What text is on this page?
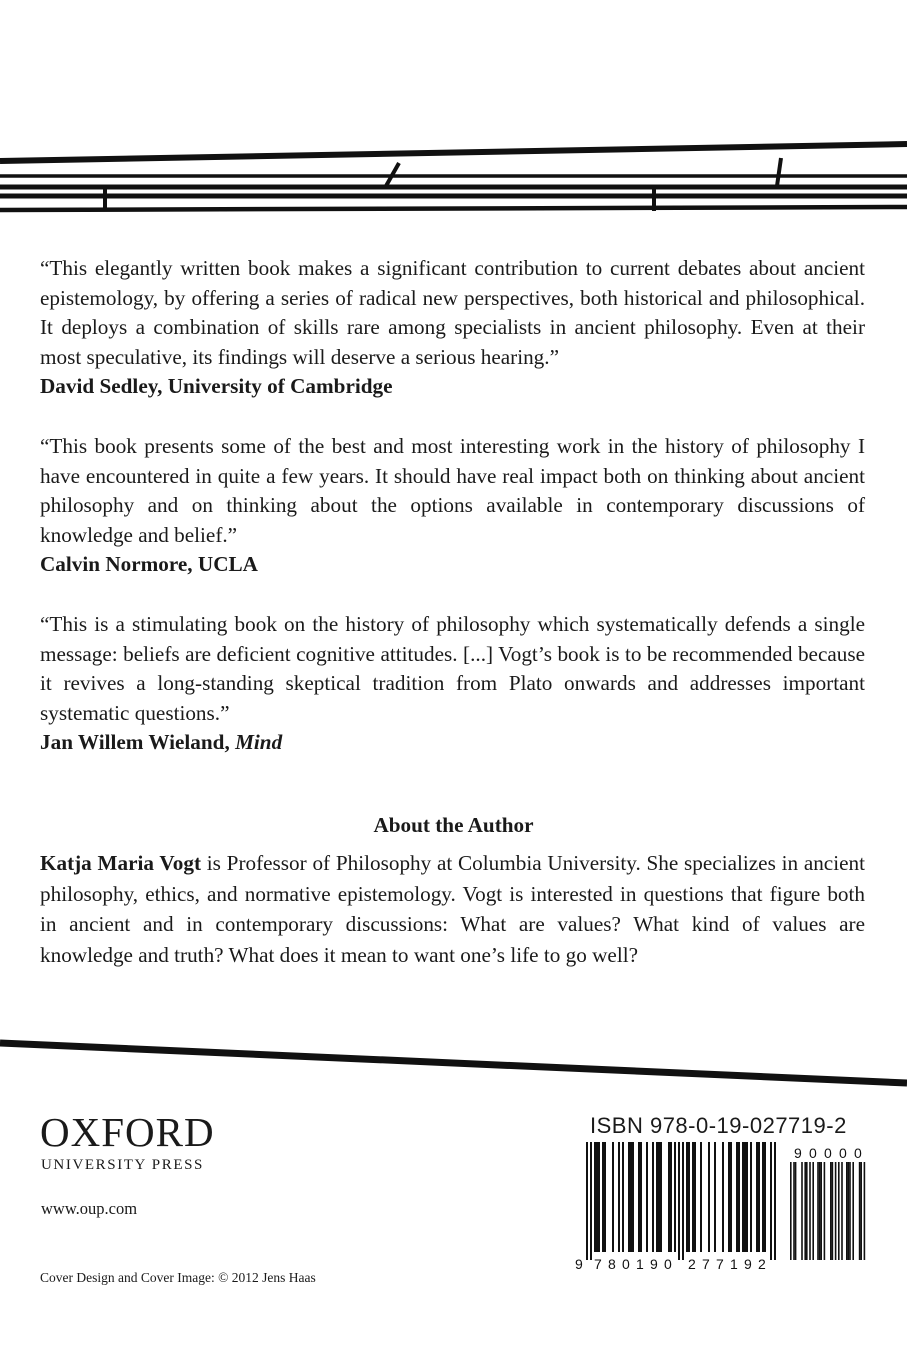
“This elegantly written book makes a significant contribution to current debates about ancient epistemology, by offering a series of radical new perspectives, both historical and philosophical. It deploys a combination of skills rare among specialists in ancient philosophy. Even at their most speculative, its findings will deserve a serious hearing.”
David Sedley, University of Cambridge
“This book presents some of the best and most interesting work in the history of philosophy I have encountered in quite a few years. It should have real impact both on thinking about ancient philosophy and on thinking about the options available in contemporary discussions of knowledge and belief.”
Calvin Normore, UCLA
“This is a stimulating book on the history of philosophy which systematically defends a single message: beliefs are deficient cognitive attitudes. [...] Vogt’s book is to be recommended because it revives a long-standing skeptical tradition from Plato onwards and addresses important systematic questions.”
Jan Willem Wieland, Mind
About the Author
Katja Maria Vogt is Professor of Philosophy at Columbia University. She specializes in ancient philosophy, ethics, and normative epistemology. Vogt is interested in questions that figure both in ancient and in contemporary discussions: What are values? What kind of values are knowledge and truth? What does it mean to want one’s life to go well?
OXFORD
UNIVERSITY PRESS
www.oup.com
Cover Design and Cover Image: © 2012 Jens Haas
ISBN 978-0-19-027719-2
9 7 8 0 1 9 0 2 7 7 1 9 2
9 0 0 0 0
